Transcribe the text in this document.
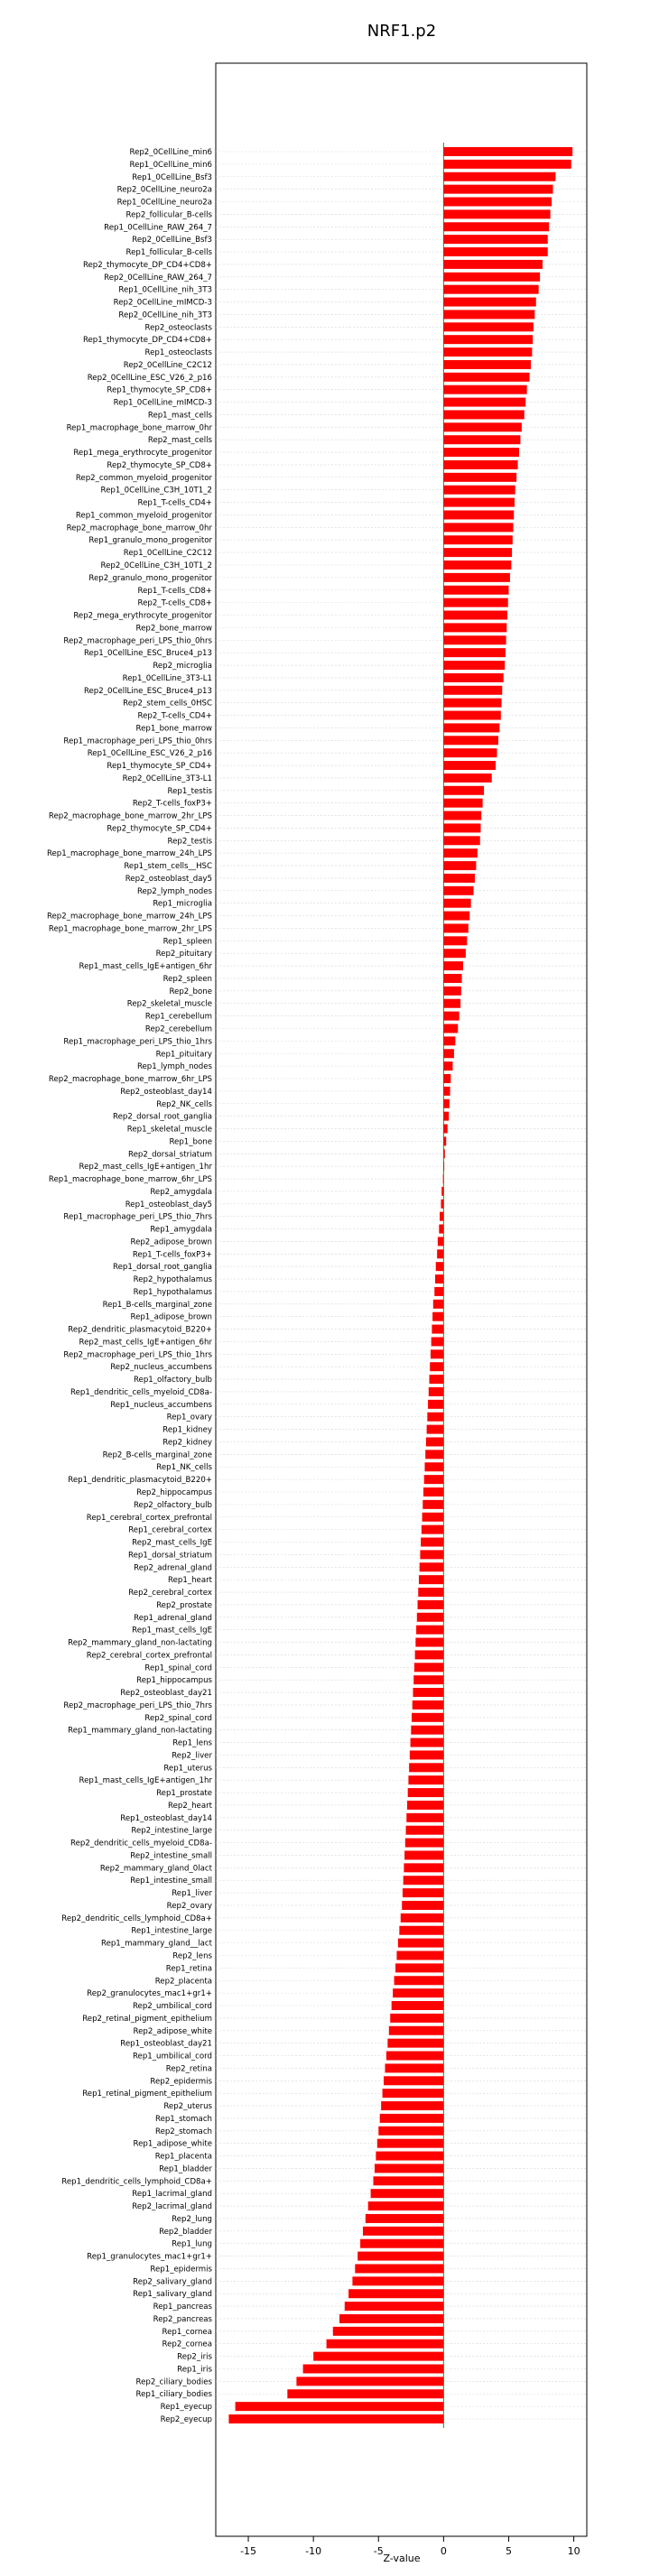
NRF1.p2
Rep2_0CellLine_min6
Rep1_0CellLine_min6
Rep1_0CellLine_Bsf3
Rep2_0CellLine_neuro2a
Rep1_0CellLine_neuro2a
Rep2_follicular_B-cells
Rep1_0CellLine_RAW_264_7
Rep2_0CellLine_Bsf3
Rep1_follicular_B-cells
Rep2_thymocyte_DP_CD4+CD8+
Rep2_0CellLine_RAW_264_7
Rep1_0CellLine_nih_3T3
Rep2_0CellLine_mIMCD-3
Rep2_0CellLine_nih_3T3
Rep2_osteoclasts
Rep1_thymocyte_DP_CD4+CD8+
Rep1_osteoclasts
Rep2_0CellLine_C2C12
Rep2_0CellLine_ESC_V26_2_p16
Rep1_thymocyte_SP_CD8+
Rep1_0CellLine_mIMCD-3
Rep1_mast_cells
Rep1_macrophage_bone_marrow_0hr
Rep2_mast_cells
Rep1_mega_erythrocyte_progenitor
Rep2_thymocyte_SP_CD8+
Rep2_common_myeloid_progenitor
Rep1_0CellLine_C3H_10T1_2
Rep1_T-cells_CD4+
Rep1_common_myeloid_progenitor
Rep2_macrophage_bone_marrow_0hr
Rep1_granulo_mono_progenitor
Rep1_0CellLine_C2C12
Rep2_0CellLine_C3H_10T1_2
Rep2_granulo_mono_progenitor
Rep1_T-cells_CD8+
Rep2_T-cells_CD8+
Rep2_mega_erythrocyte_progenitor
Rep2_bone_marrow
Rep2_macrophage_peri_LPS_thio_0hrs
Rep1_0CellLine_ESC_Bruce4_p13
Rep2_microglia
Rep1_0CellLine_3T3-L1
Rep2_0CellLine_ESC_Bruce4_p13
Rep2_stem_cells_0HSC
Rep2_T-cells_CD4+
Rep1_bone_marrow
Rep1_macrophage_peri_LPS_thio_0hrs
Rep1_0CellLine_ESC_V26_2_p16
Rep1_thymocyte_SP_CD4+
Rep2_0CellLine_3T3-L1
Rep1_testis
Rep2_T-cells_foxP3+
Rep2_macrophage_bone_marrow_2hr_LPS
Rep2_thymocyte_SP_CD4+
Rep2_testis
Rep1_macrophage_bone_marrow_24h_LPS
Rep1_stem_cells__HSC
Rep2_osteoblast_day5
Rep2_lymph_nodes
Rep1_microglia
Rep2_macrophage_bone_marrow_24h_LPS
Rep1_macrophage_bone_marrow_2hr_LPS
Rep1_spleen
Rep2_pituitary
Rep1_mast_cells_IgE+antigen_6hr
Rep2_spleen
Rep2_bone
Rep2_skeletal_muscle
Rep1_cerebellum
Rep2_cerebellum
Rep1_macrophage_peri_LPS_thio_1hrs
Rep1_pituitary
Rep1_lymph_nodes
Rep2_macrophage_bone_marrow_6hr_LPS
Rep2_osteoblast_day14
Rep2_NK_cells
Rep2_dorsal_root_ganglia
Rep1_skeletal_muscle
Rep1_bone
Rep2_dorsal_striatum
Rep2_mast_cells_IgE+antigen_1hr
Rep1_macrophage_bone_marrow_6hr_LPS
Rep2_amygdala
Rep1_osteoblast_day5
Rep1_macrophage_peri_LPS_thio_7hrs
Rep1_amygdala
Rep2_adipose_brown
Rep1_T-cells_foxP3+
Rep1_dorsal_root_ganglia
Rep2_hypothalamus
Rep1_hypothalamus
Rep1_B-cells_marginal_zone
Rep1_adipose_brown
Rep2_dendritic_plasmacytoid_B220+
Rep2_mast_cells_IgE+antigen_6hr
Rep2_macrophage_peri_LPS_thio_1hrs
Rep2_nucleus_accumbens
Rep1_olfactory_bulb
Rep1_dendritic_cells_myeloid_CD8a-
Rep1_nucleus_accumbens
Rep1_ovary
Rep1_kidney
Rep2_kidney
Rep2_B-cells_marginal_zone
Rep1_NK_cells
Rep1_dendritic_plasmacytoid_B220+
Rep2_hippocampus
Rep2_olfactory_bulb
Rep1_cerebral_cortex_prefrontal
Rep1_cerebral_cortex
Rep2_mast_cells_IgE
Rep1_dorsal_striatum
Rep2_adrenal_gland
Rep1_heart
Rep2_cerebral_cortex
Rep2_prostate
Rep1_adrenal_gland
Rep1_mast_cells_IgE
Rep2_mammary_gland_non-lactating
Rep2_cerebral_cortex_prefrontal
Rep1_spinal_cord
Rep1_hippocampus
Rep2_osteoblast_day21
Rep2_macrophage_peri_LPS_thio_7hrs
Rep2_spinal_cord
Rep1_mammary_gland_non-lactating
Rep1_lens
Rep2_liver
Rep1_uterus
Rep1_mast_cells_IgE+antigen_1hr
Rep1_prostate
Rep2_heart
Rep1_osteoblast_day14
Rep2_intestine_large
Rep2_dendritic_cells_myeloid_CD8a-
Rep2_intestine_small
Rep2_mammary_gland_0lact
Rep1_intestine_small
Rep1_liver
Rep2_ovary
Rep2_dendritic_cells_lymphoid_CD8a+
Rep1_intestine_large
Rep1_mammary_gland__lact
Rep2_lens
Rep1_retina
Rep2_placenta
Rep2_granulocytes_mac1+gr1+
Rep2_umbilical_cord
Rep2_retinal_pigment_epithelium
Rep2_adipose_white
Rep1_osteoblast_day21
Rep1_umbilical_cord
Rep2_retina
Rep2_epidermis
Rep1_retinal_pigment_epithelium
Rep2_uterus
Rep1_stomach
Rep2_stomach
Rep1_adipose_white
Rep1_placenta
Rep1_bladder
Rep1_dendritic_cells_lymphoid_CD8a+
Rep1_lacrimal_gland
Rep2_lacrimal_gland
Rep2_lung
Rep2_bladder
Rep1_lung
Rep1_granulocytes_mac1+gr1+
Rep1_epidermis
Rep2_salivary_gland
Rep1_salivary_gland
Rep1_pancreas
Rep2_pancreas
Rep1_cornea
Rep2_cornea
Rep2_iris
Rep1_iris
Rep2_ciliary_bodies
Rep1_ciliary_bodies
Rep1_eyecup
Rep2_eyecup
-15	-10	-5	0	5	10
Z-value
